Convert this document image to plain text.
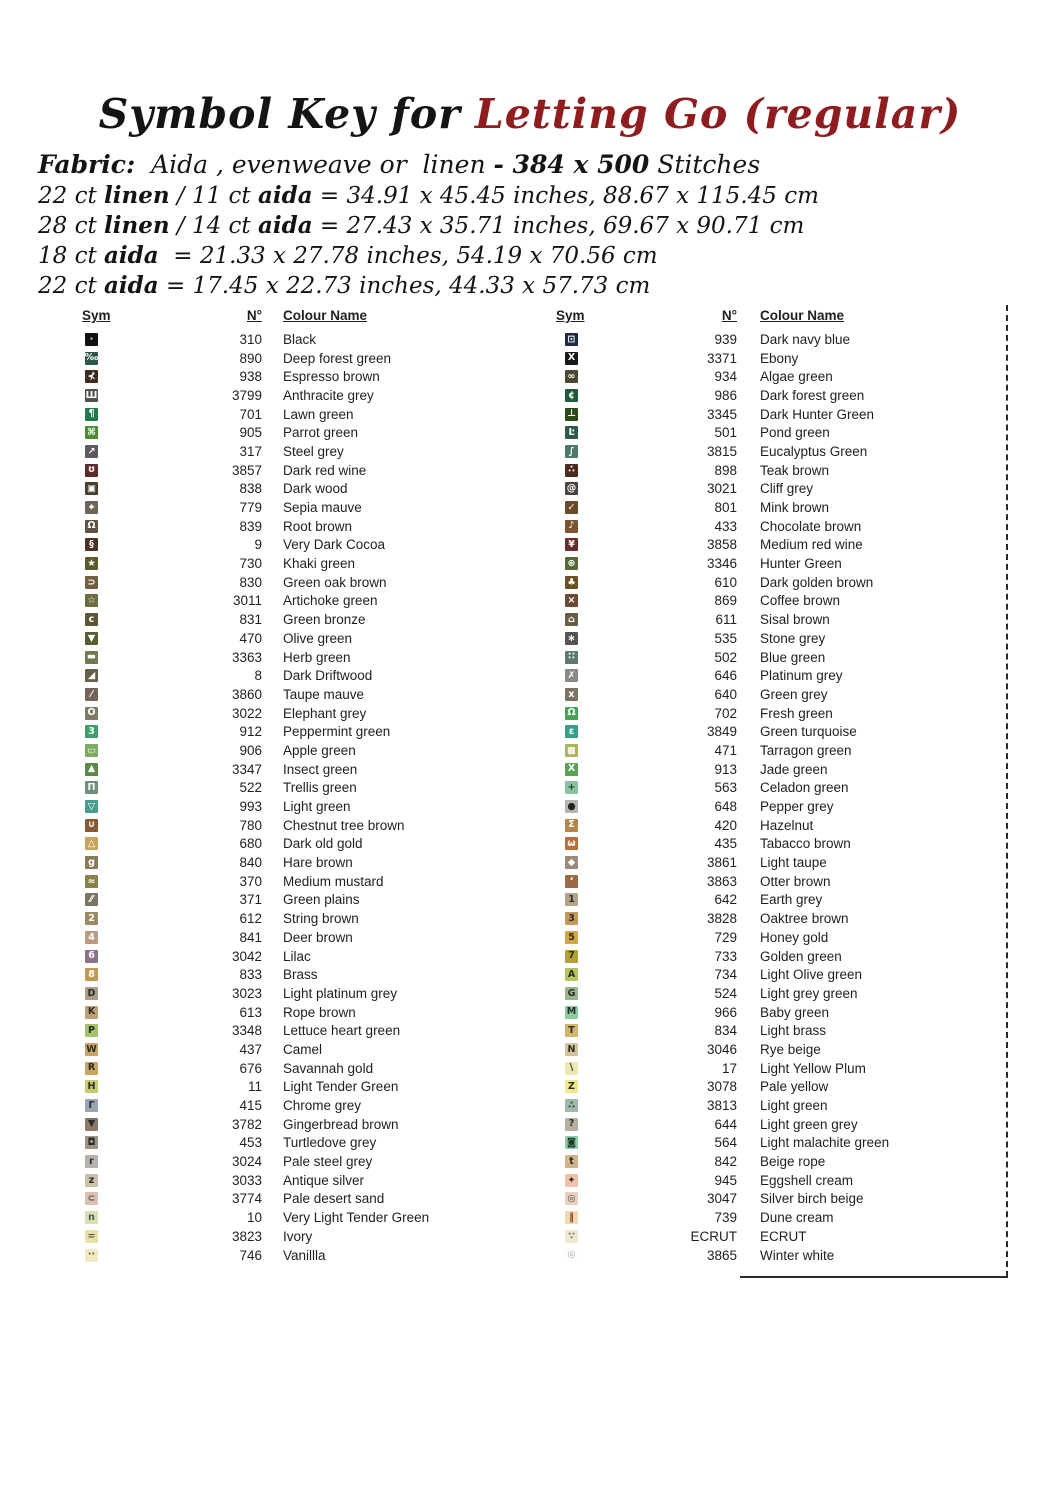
Symbol Key for Letting Go (regular)
Fabric:  Aida , evenweave or  linen - 384 x 500 Stitches
22 ct linen / 11 ct aida = 34.91 x 45.45 inches, 88.67 x 115.45 cm
28 ct linen / 14 ct aida = 27.43 x 35.71 inches, 69.67 x 90.71 cm
18 ct aida  = 21.33 x 27.78 inches, 54.19 x 70.56 cm
22 ct aida = 17.45 x 22.73 inches, 44.33 x 57.73 cm
Sym	N° Colour Name
·	310 Black
‰	890 Deep forest green
⊀	938 Espresso brown
Ш	3799 Anthracite grey
¶	701 Lawn green
⌘	905 Parrot green
↗	317 Steel grey
ʊ	3857 Dark red wine
▣	838 Dark wood
⌖	779 Sepia mauve
Ω	839 Root brown
§	9 Very Dark Cocoa
★	730 Khaki green
⊃	830 Green oak brown
☆	3011 Artichoke green
c	831 Green bronze
▼	470 Olive green
▬	3363 Herb green
◢	8 Dark Driftwood
⁄	3860 Taupe mauve
O	3022 Elephant grey
3	912 Peppermint green
▭	906 Apple green
▲	3347 Insect green
Π	522 Trellis green
▽	993 Light green
∪	780 Chestnut tree brown
△	680 Dark old gold
g	840 Hare brown
≈	370 Medium mustard
⁄⁄	371 Green plains
2	612 String brown
4	841 Deer brown
6	3042 Lilac
8	833 Brass
D	3023 Light platinum grey
K	613 Rope brown
P	3348 Lettuce heart green
W	437 Camel
R	676 Savannah gold
H	11 Light Tender Green
Γ	415 Chrome grey
▼	3782 Gingerbread brown
◘	453 Turtledove grey
r	3024 Pale steel grey
z	3033 Antique silver
⊂	3774 Pale desert sand
n	10 Very Light Tender Green
=	3823 Ivory
··	746 Vanillla
Sym	N° Colour Name
⊡	939 Dark navy blue
X	3371 Ebony
∞	934 Algae green
¢	986 Dark forest green
⊥	3345 Dark Hunter Green
Ŀ	501 Pond green
∫	3815 Eucalyptus Green
∴	898 Teak brown
@	3021 Cliff grey
✓	801 Mink brown
♪	433 Chocolate brown
¥	3858 Medium red wine
⊛	3346 Hunter Green
♣	610 Dark golden brown
×	869 Coffee brown
⌂	611 Sisal brown
∗	535 Stone grey
∷	502 Blue green
✗	646 Platinum grey
x	640 Green grey
Ω	702 Fresh green
ε	3849 Green turquoise
■	471 Tarragon green
X	913 Jade green
+	563 Celadon green
●	648 Pepper grey
Σ	420 Hazelnut
ω	435 Tabacco brown
◆	3861 Light taupe
‘	3863 Otter brown
1	642 Earth grey
3	3828 Oaktree brown
5	729 Honey gold
7	733 Golden green
A	734 Light Olive green
G	524 Light grey green
M	966 Baby green
T	834 Light brass
N	3046 Rye beige
\	17 Light Yellow Plum
Z	3078 Pale yellow
∴	3813 Light green
?	644 Light green grey
◙	564 Light malachite green
t	842 Beige rope
✦	945 Eggshell cream
◎	3047 Silver birch beige
‖	739 Dune cream
∵	ECRUT ECRUT
◎	3865 Winter white
